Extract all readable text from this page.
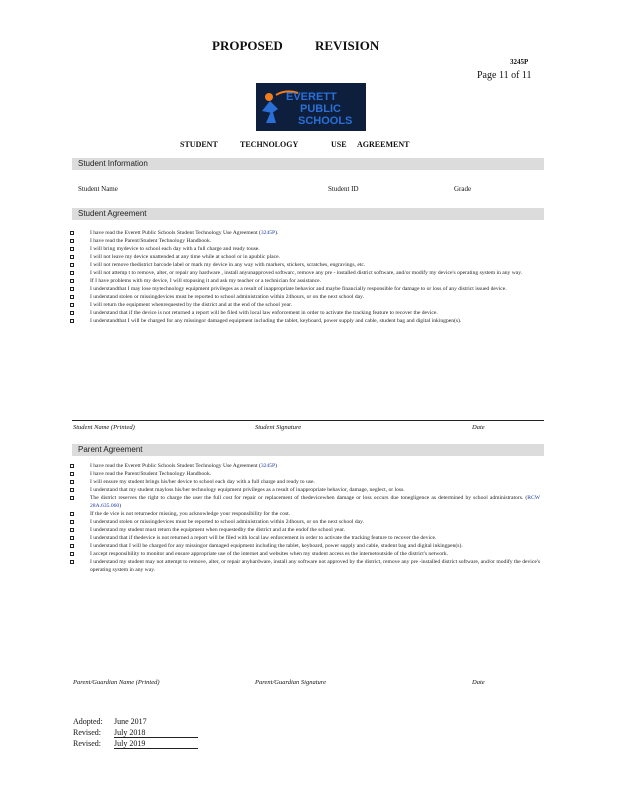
PROPOSED REVISION
3245P
Page 11 of 11
EVERETT
PUBLIC
SCHOOLS
STUDENT	TECHNOLOGY	USE AGREEMENT
Student Information
Student Name	Student ID	Grade
Student Agreement
I have read the Everett Public Schools Student Technology Use Agreement (3245P).
I have read the Parent/Student Technology Handbook.
I will bring mydevice to school each day with a full charge and ready touse.
I will not leave my device unattended at any time while at school or in apublic place.
I will not remove thedistrict barcode label or mark my device in any way with markers, stickers, scratches, engravings, etc.
I will not attemp t to remove, alter, or repair any hardware , install anyunapproved softwarc, remove any pre - installed district software, and/or modify my device's operating system in any way.
If I have problems with my device, I will stopusing it and ask my teacher or a technician for assistance.
I understandthat I may lose mytechnology equipment privileges as a result of inappropriate behavior and maybe financially responsible for damage to or loss of any district issued device.
I understand stolen or missingdevices must be reported to school administration within 24hours, or on the next school day.
I will return the equipment whenrequested by the district and at the end of the school year.
I understand that if the device is not returned a report will be filed with local law enforcement in order to activate the tracking feature to recover the device.
I understandthat I will be charged for any missingor damaged equipment including the tablet, keyboard, power supply and cable, student bag and digital inkingpen(s).
Student Name (Printed)	Student Signature	Date
Parent Agreement
I have read the Everett Public Schools Student Technology Use Agreement (3245P)
I have read the Parent/Student Technology Handbook.
I will ensure my student brings his/her device to school each day with a full charge and ready to use.
I understand that my student mayloss his/her technology equipment privileges as a result of inappropriate behavior, damage, neglect, or loss.
The district reserves the right to charge the user the full cost for repair or replacement of thedevicewhen damage or loss occurs due tonegligence as determined by school administrators. (RCW 28A.635.060)
If the de vice is not returnedor missing, you acknowledge your responsibility for the cost.
I understand stolen or missingdevices must be reported to school administration within 24hours, or on the next school day.
I understand my student must return the equipment when requestedby the district and at the endof the school year.
I understand that if thedevice is not returned a report will be filed with local law enforcement in order to activate the tracking feature to recover the device.
I understand that I will be charged for any missingor damaged equipment including the tablet, keyboard, power supply and cable, student bag and digital inkingpen(s).
I accept responsibility to monitor and ensure appropriate use of the internet and websites when my student access es the internetoutside of the district's network.
I understand my student may not attempt to remove, alter, or repair anyhardware, install any software not approved by the district, remove any pre -installed district software, and/or modify the device's operating system in any way.
Parent/Guardian Name (Printed)	Parent/Guardian Signature	Date
Adopted: June 2017
Revised: July 2018
Revised: July 2019
